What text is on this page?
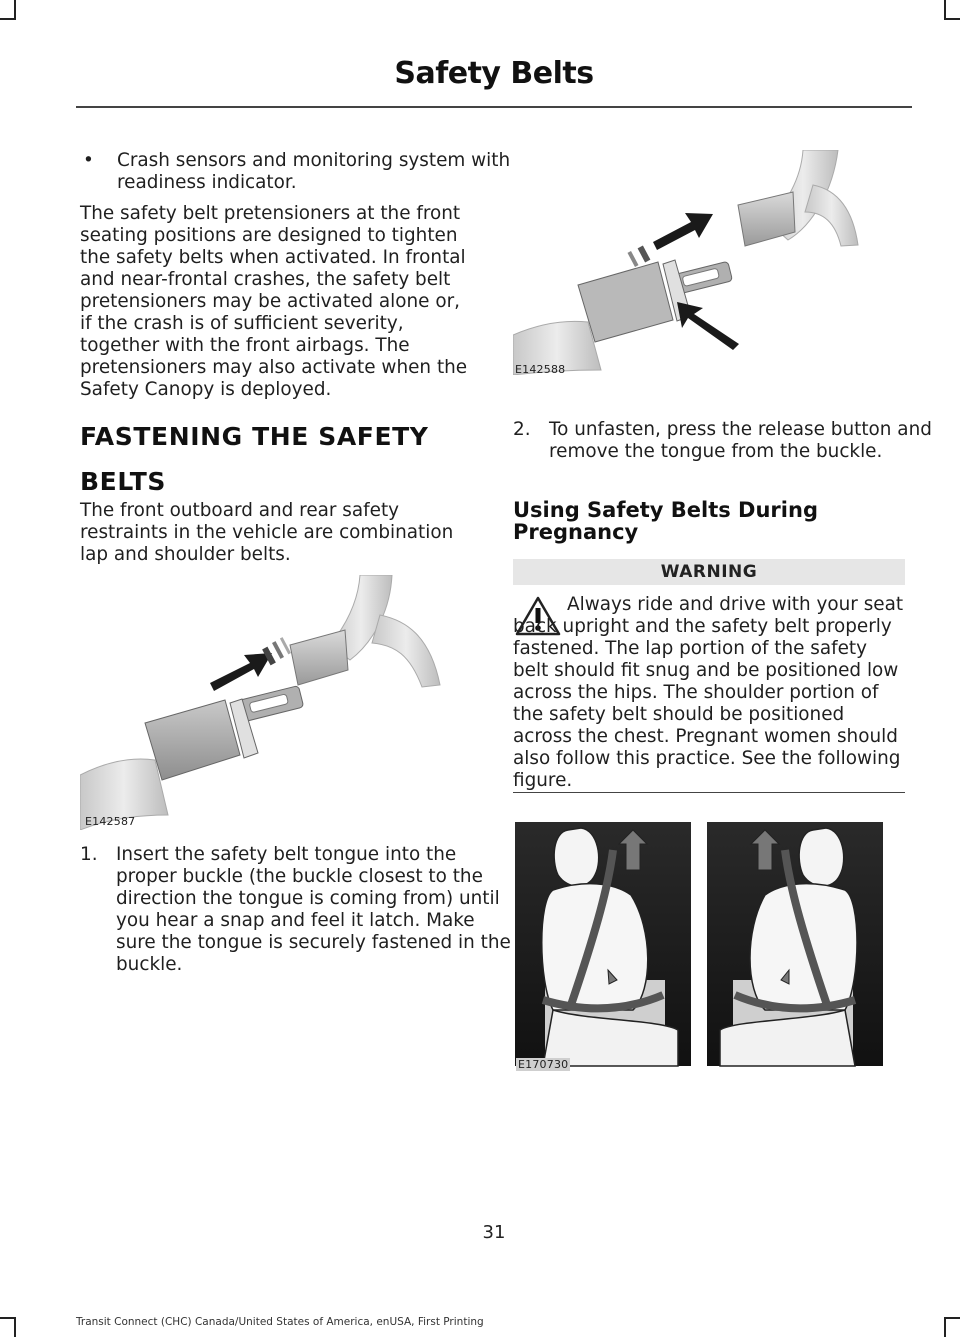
Safety Belts
• Crash sensors and monitoring system with readiness indicator.
The safety belt pretensioners at the front seating positions are designed to tighten the safety belts when activated. In frontal and near-frontal crashes, the safety belt pretensioners may be activated alone or, if the crash is of sufficient severity, together with the front airbags. The pretensioners may also activate when the Safety Canopy is deployed.
FASTENING THE SAFETY
BELTS
The front outboard and rear safety restraints in the vehicle are combination lap and shoulder belts.
E142587
1. Insert the safety belt tongue into the proper buckle (the buckle closest to the direction the tongue is coming from) until you hear a snap and feel it latch. Make sure the tongue is securely fastened in the buckle.
E142588
2. To unfasten, press the release button and remove the tongue from the buckle.
Using Safety Belts During
Pregnancy
WARNING
Always ride and drive with your seat back upright and the safety belt properly fastened. The lap portion of the safety belt should fit snug and be positioned low across the hips. The shoulder portion of the safety belt should be positioned across the chest. Pregnant women should also follow this practice. See the following figure.
E170730
31
Transit Connect (CHC) Canada/United States of America, enUSA, First Printing
